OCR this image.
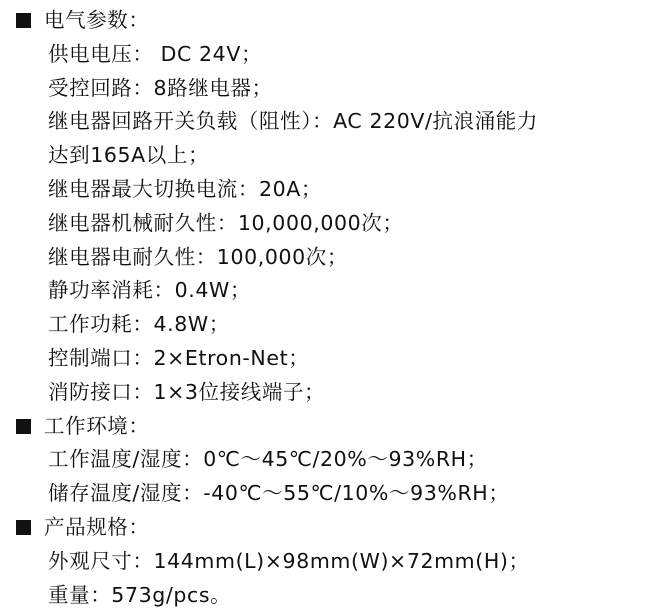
电气参数：
供电电压： DC 24V；
受控回路：8路继电器；
继电器回路开关负载（阻性）：AC 220V/抗浪涌能力
达到165A以上；
继电器最大切换电流：20A；
继电器机械耐久性：10,000,000次；
继电器电耐久性：100,000次；
静功率消耗：0.4W；
工作功耗：4.8W；
控制端口：2×Etron-Net；
消防接口：1×3位接线端子；
工作环境：
工作温度/湿度：0℃～45℃/20%～93%RH；
储存温度/湿度：-40℃～55℃/10%～93%RH；
产品规格：
外观尺寸：144mm(L)×98mm(W)×72mm(H)；
重量：573g/pcs。
